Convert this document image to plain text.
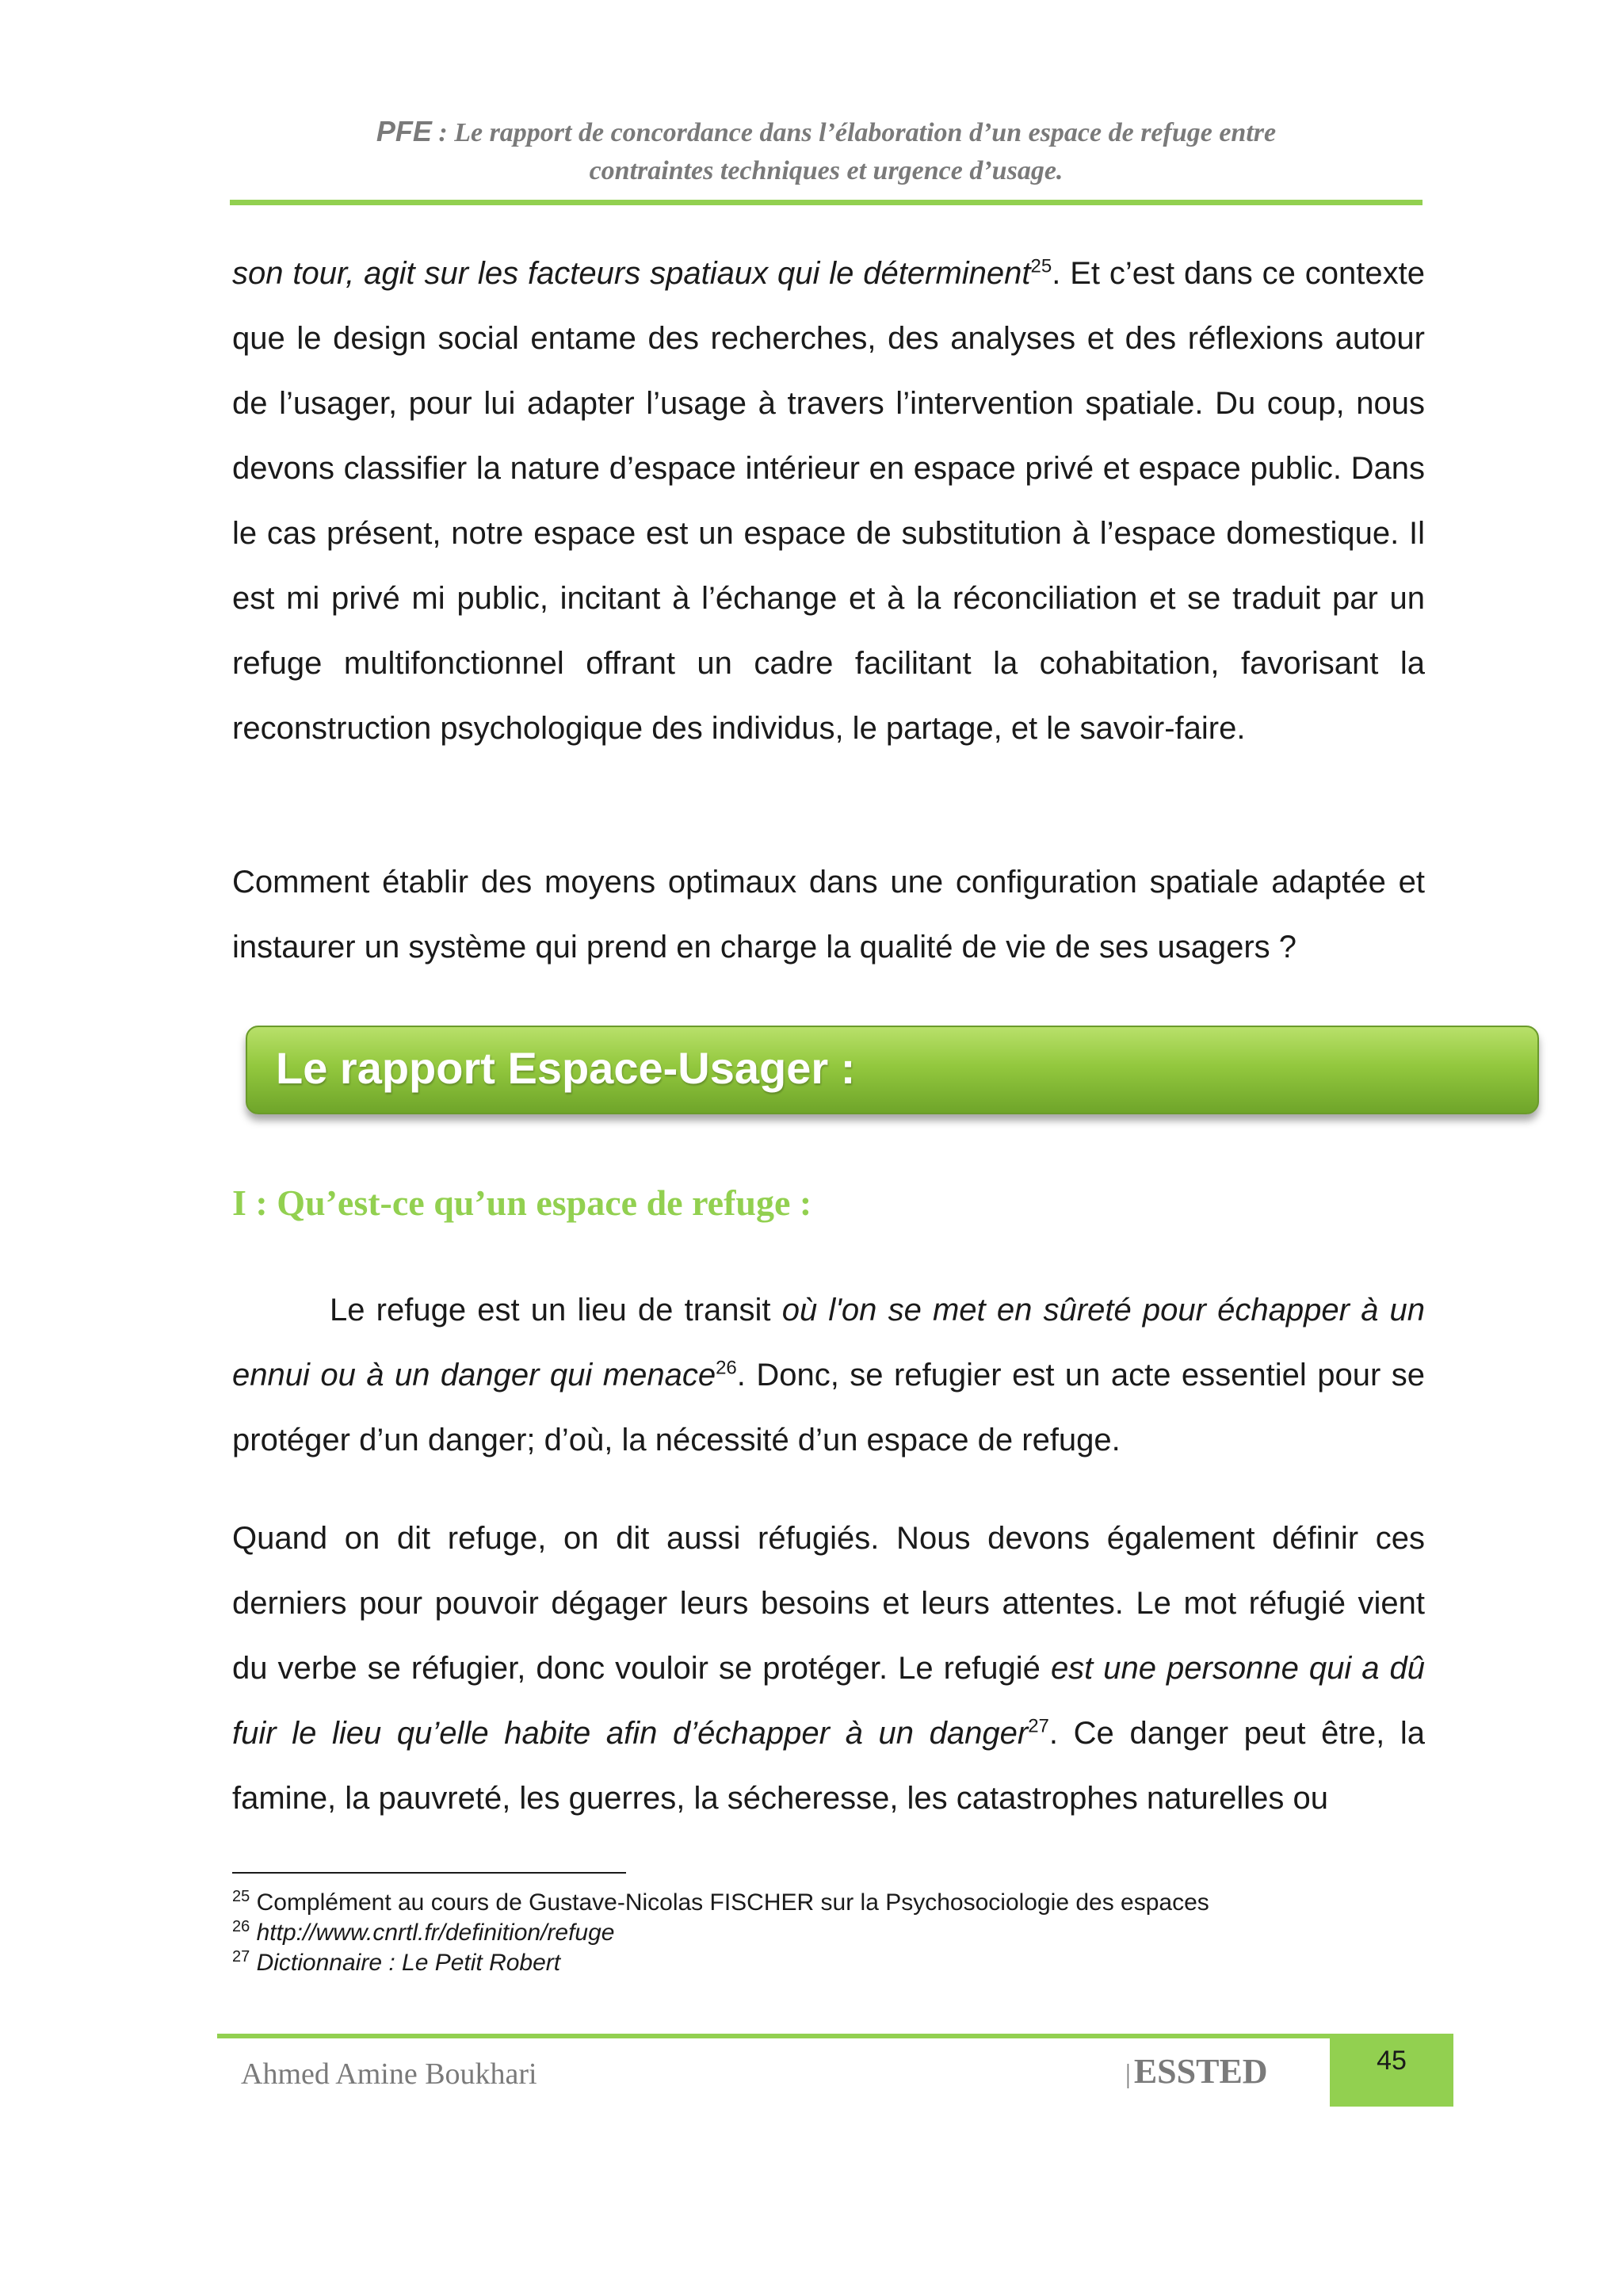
PFE : Le rapport de concordance dans l’élaboration d’un espace de refuge entre
contraintes techniques et urgence d’usage.

son tour, agit sur les facteurs spatiaux qui le déterminent$^{25}$. Et c’est dans ce contexte que le design social entame des recherches, des analyses et des réflexions autour de l’usager, pour lui adapter l’usage à travers l’intervention spatiale. Du coup, nous devons classifier la nature d’espace intérieur en espace privé et espace public. Dans le cas présent, notre espace est un espace de substitution à l’espace domestique. Il est mi privé mi public, incitant à l’échange et à la réconciliation et se traduit par un refuge multifonctionnel offrant un cadre facilitant la cohabitation, favorisant la reconstruction psychologique des individus, le partage, et le savoir-faire.

Comment établir des moyens optimaux dans une configuration spatiale adaptée et instaurer un système qui prend en charge la qualité de vie de ses usagers ?

Le rapport Espace-Usager :
I : Qu’est-ce qu’un espace de refuge :

Le refuge est un lieu de transit où l'on se met en sûreté pour échapper à un ennui ou à un danger qui menace$^{26}$. Donc, se refugier est un acte essentiel pour se protéger d’un danger; d’où, la nécessité d’un espace de refuge.

Quand on dit refuge, on dit aussi réfugiés. Nous devons également définir ces derniers pour pouvoir dégager leurs besoins et leurs attentes. Le mot réfugié vient du verbe se réfugier, donc vouloir se protéger. Le refugié est une personne qui a dû fuir le lieu qu’elle habite afin d’échapper à un danger$^{27}$. Ce danger peut être, la famine, la pauvreté, les guerres, la sécheresse, les catastrophes naturelles ou

$^{25}$ Complément au cours de Gustave-Nicolas FISCHER sur la Psychosociologie des espaces
$^{26}$ http://www.cnrtl.fr/definition/refuge
$^{27}$ Dictionnaire : Le Petit Robert
Ahmed Amine Boukhari	|ESSTED	45
